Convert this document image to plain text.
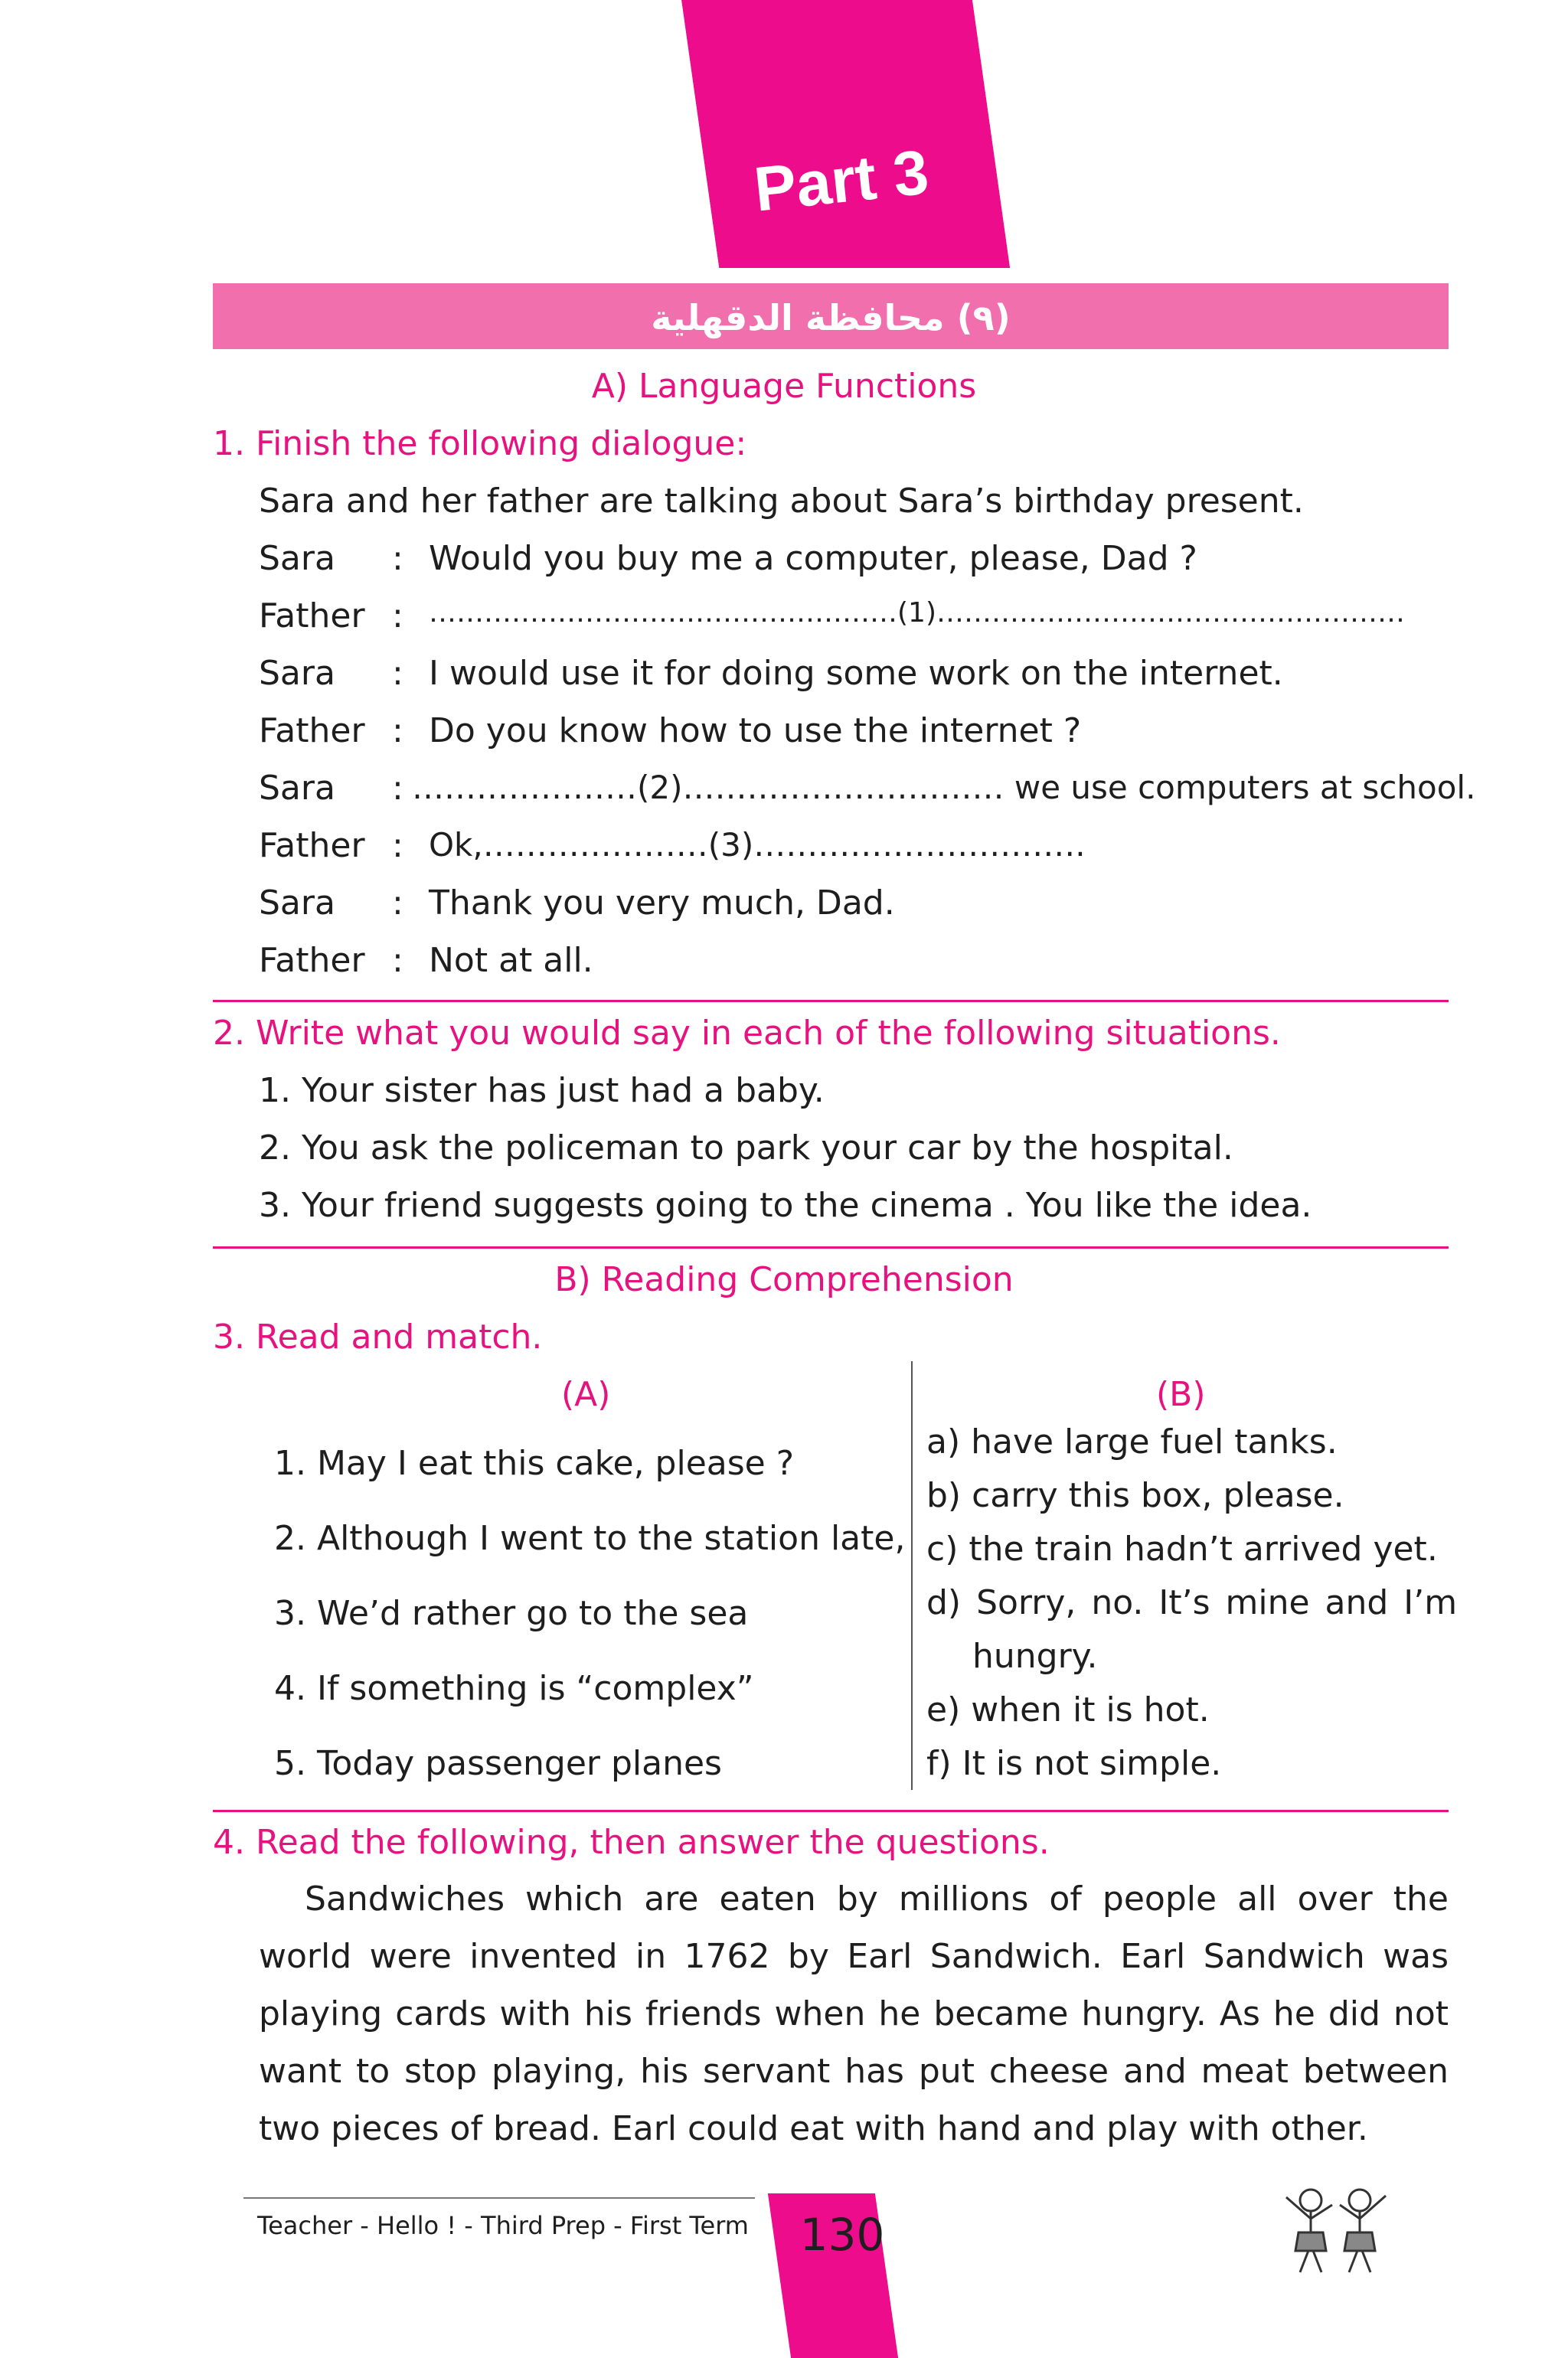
Part 3
(٩) محافظة الدقهلية
A) Language Functions
1. Finish the following dialogue:
Sara and her father are talking about Sara’s birthday present.
Sara : Would you buy me a computer, please, Dad ?
Father : ……………………………………………(1)……………………………………………
Sara : I would use it for doing some work on the internet.
Father : Do you know how to use the internet ?
Sara : …………………(2)………………………… we use computers at school.
Father : Ok,…………………(3)………………………….
Sara : Thank you very much, Dad.
Father : Not at all.
2. Write what you would say in each of the following situations.
1. Your sister has just had a baby.
2. You ask the policeman to park your car by the hospital.
3. Your friend suggests going to the cinema . You like the idea.
B) Reading Comprehension
3. Read and match.
(A)	(B)
1. May I eat this cake, please ?
2. Although I went to the station late,
3. We’d rather go to the sea
4. If something is “complex”
5. Today passenger planes
a) have large fuel tanks.
b) carry this box, please.
c) the train hadn’t arrived yet.
d) Sorry, no. It’s mine and I’m
hungry.
e) when it is hot.
f) It is not simple.
4. Read the following, then answer the questions.
Sandwiches which are eaten by millions of people all over the world were invented in 1762 by Earl Sandwich. Earl Sandwich was playing cards with his friends when he became hungry. As he did not want to stop playing, his servant has put cheese and meat between two pieces of bread. Earl could eat with hand and play with other.
Teacher - Hello ! - Third Prep - First Term 130
